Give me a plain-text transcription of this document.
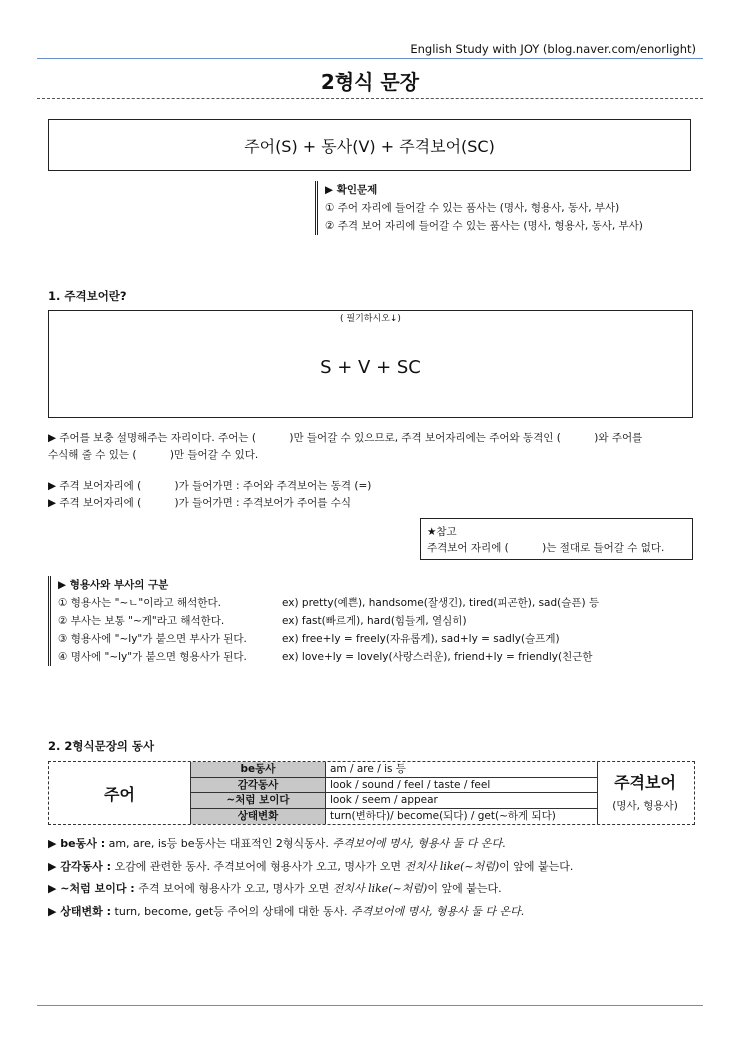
English Study with JOY (blog.naver.com/enorlight)
2형식 문장
주어(S) + 동사(V) + 주격보어(SC)
▶ 확인문제
① 주어 자리에 들어갈 수 있는 품사는 (명사, 형용사, 동사, 부사)
② 주격 보어 자리에 들어갈 수 있는 품사는 (명사, 형용사, 동사, 부사)
1. 주격보어란?
( 필기하시오↓)
S + V + SC
▶ 주어를 보충 설명해주는 자리이다. 주어는 (          )만 들어갈 수 있으므로, 주격 보어자리에는 주어와 동격인 (          )와 주어를
수식해 줄 수 있는 (          )만 들어갈 수 있다.
▶ 주격 보어자리에 (          )가 들어가면 : 주어와 주격보어는 동격 (=)
▶ 주격 보어자리에 (          )가 들어가면 : 주격보어가 주어를 수식
★참고
주격보어 자리에 (          )는 절대로 들어갈 수 없다.
▶ 형용사와 부사의 구분
① 형용사는 "~ㄴ"이라고 해석한다.	ex) pretty(예쁜), handsome(잘생긴), tired(피곤한), sad(슬픈) 등
② 부사는 보통 "~게"라고 해석한다.	ex) fast(빠르게), hard(힘들게, 열심히)
③ 형용사에 "~ly"가 붙으면 부사가 된다.	ex) free+ly = freely(자유롭게), sad+ly = sadly(슬프게)
④ 명사에 "~ly"가 붙으면 형용사가 된다.	ex) love+ly = lovely(사랑스러운), friend+ly = friendly(친근한
2. 2형식문장의 동사
주어
be동사	am / are / is 등
감각동사	look / sound / feel / taste / feel
~처럼 보이다	look / seem / appear
상태변화	turn(변하다)/ become(되다) / get(~하게 되다)
주격보어
(명사, 형용사)
▶ be동사 : am, are, is등 be동사는 대표적인 2형식동사. 주격보어에 명사, 형용사 둘 다 온다.
▶ 감각동사 : 오감에 관련한 동사. 주격보어에 형용사가 오고, 명사가 오면 전치사 like(~처럼)이 앞에 붙는다.
▶ ~처럼 보이다 : 주격 보어에 형용사가 오고, 명사가 오면 전치사 like(~처럼)이 앞에 붙는다.
▶ 상태변화 : turn, become, get등 주어의 상태에 대한 동사. 주격보어에 명사, 형용사 둘 다 온다.
